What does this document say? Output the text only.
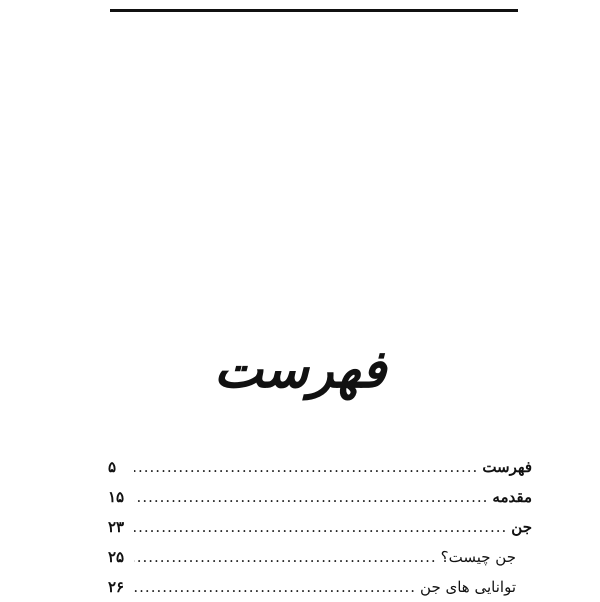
فهرست
فهرست
.....
۵
مقدمه
.....
۱۵
جن
.....
۲۳
جن چیست؟
.....
۲۵
توانایی های جن
.....
۲۶
